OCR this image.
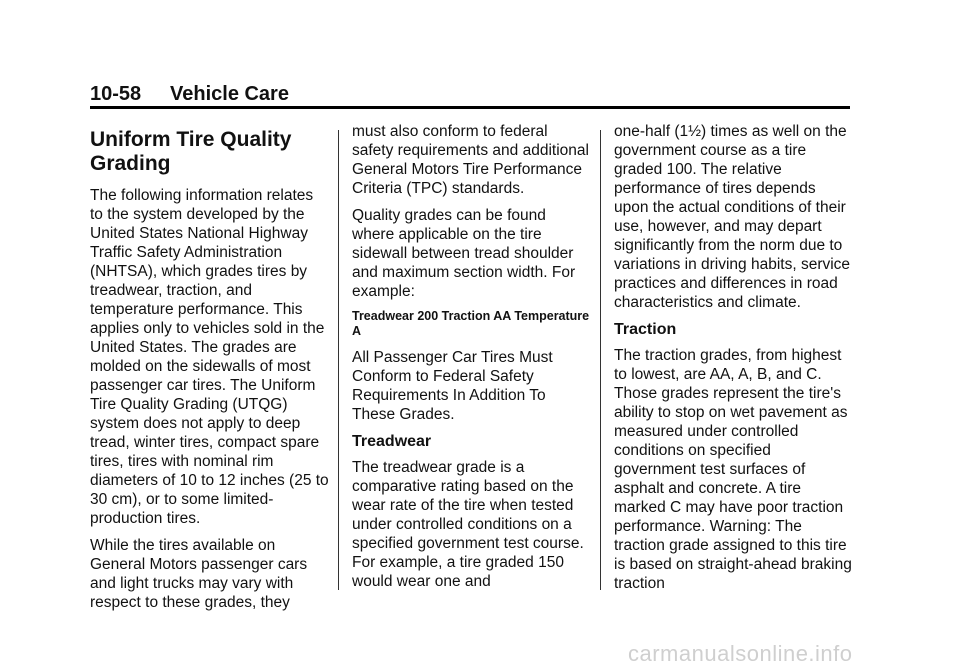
10-58 Vehicle Care
Uniform Tire Quality Grading

The following information relates to the system developed by the United States National Highway Traffic Safety Administration (NHTSA), which grades tires by treadwear, traction, and temperature performance. This applies only to vehicles sold in the United States. The grades are molded on the sidewalls of most passenger car tires. The Uniform Tire Quality Grading (UTQG) system does not apply to deep tread, winter tires, compact spare tires, tires with nominal rim diameters of 10 to 12 inches (25 to 30 cm), or to some limited-production tires.

While the tires available on General Motors passenger cars and light trucks may vary with respect to these grades, they

must also conform to federal safety requirements and additional General Motors Tire Performance Criteria (TPC) standards.

Quality grades can be found where applicable on the tire sidewall between tread shoulder and maximum section width. For example:

Treadwear 200 Traction AA Temperature A

All Passenger Car Tires Must Conform to Federal Safety Requirements In Addition To These Grades.

Treadwear

The treadwear grade is a comparative rating based on the wear rate of the tire when tested under controlled conditions on a specified government test course. For example, a tire graded 150 would wear one and

one-half (1½) times as well on the government course as a tire graded 100. The relative performance of tires depends upon the actual conditions of their use, however, and may depart significantly from the norm due to variations in driving habits, service practices and differences in road characteristics and climate.

Traction

The traction grades, from highest to lowest, are AA, A, B, and C. Those grades represent the tire's ability to stop on wet pavement as measured under controlled conditions on specified government test surfaces of asphalt and concrete. A tire marked C may have poor traction performance. Warning: The traction grade assigned to this tire is based on straight-ahead braking traction

carmanualsonline.info
